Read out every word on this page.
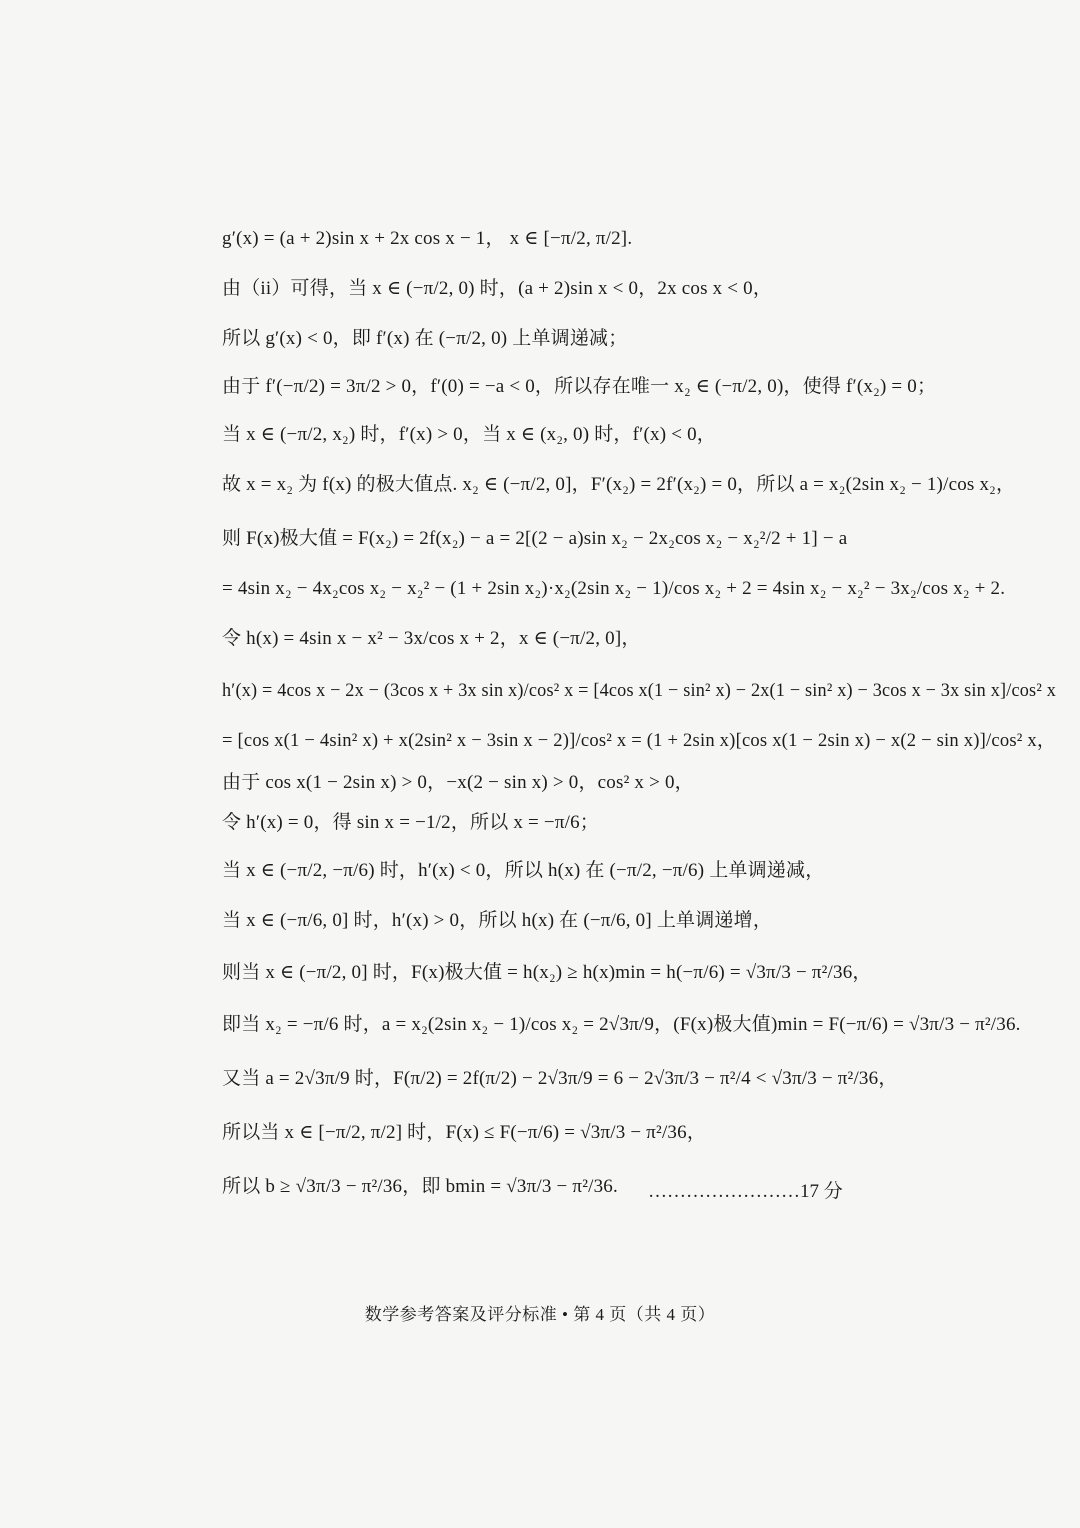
g′(x) = (a + 2)sin x + 2x cos x − 1， x ∈ [−π/2, π/2].
由（ii）可得，当 x ∈ (−π/2, 0) 时，(a + 2)sin x < 0，2x cos x < 0，
所以 g′(x) < 0，即 f′(x) 在 (−π/2, 0) 上单调递减；
由于 f′(−π/2) = 3π/2 > 0，f′(0) = −a < 0，所以存在唯一 x₂ ∈ (−π/2, 0)，使得 f′(x₂) = 0；
当 x ∈ (−π/2, x₂) 时，f′(x) > 0，当 x ∈ (x₂, 0) 时，f′(x) < 0，
故 x = x₂ 为 f(x) 的极大值点. x₂ ∈ (−π/2, 0]，F′(x₂) = 2f′(x₂) = 0，所以 a = x₂(2sin x₂ − 1)/cos x₂，
则 F(x)极大值 = F(x₂) = 2f(x₂) − a = 2[(2 − a)sin x₂ − 2x₂cos x₂ − x₂²/2 + 1] − a
= 4sin x₂ − 4x₂cos x₂ − x₂² − (1 + 2sin x₂)·x₂(2sin x₂ − 1)/cos x₂ + 2 = 4sin x₂ − x₂² − 3x₂/cos x₂ + 2.
令 h(x) = 4sin x − x² − 3x/cos x + 2，x ∈ (−π/2, 0]，
h′(x) = 4cos x − 2x − (3cos x + 3x sin x)/cos² x = [4cos x(1 − sin² x) − 2x(1 − sin² x) − 3cos x − 3x sin x]/cos² x
= [cos x(1 − 4sin² x) + x(2sin² x − 3sin x − 2)]/cos² x = (1 + 2sin x)[cos x(1 − 2sin x) − x(2 − sin x)]/cos² x，
由于 cos x(1 − 2sin x) > 0，−x(2 − sin x) > 0，cos² x > 0，
令 h′(x) = 0，得 sin x = −1/2，所以 x = −π/6；
当 x ∈ (−π/2, −π/6) 时，h′(x) < 0，所以 h(x) 在 (−π/2, −π/6) 上单调递减，
当 x ∈ (−π/6, 0] 时，h′(x) > 0，所以 h(x) 在 (−π/6, 0] 上单调递增，
则当 x ∈ (−π/2, 0] 时，F(x)极大值 = h(x₂) ≥ h(x)min = h(−π/6) = √3π/3 − π²/36，
即当 x₂ = −π/6 时，a = x₂(2sin x₂ − 1)/cos x₂ = 2√3π/9，(F(x)极大值)min = F(−π/6) = √3π/3 − π²/36.
又当 a = 2√3π/9 时，F(π/2) = 2f(π/2) − 2√3π/9 = 6 − 2√3π/3 − π²/4 < √3π/3 − π²/36，
所以当 x ∈ [−π/2, π/2] 时，F(x) ≤ F(−π/6) = √3π/3 − π²/36，
所以 b ≥ √3π/3 − π²/36，即 bmin = √3π/3 − π²/36. ……………………17 分
数学参考答案及评分标准 • 第 4 页（共 4 页）
